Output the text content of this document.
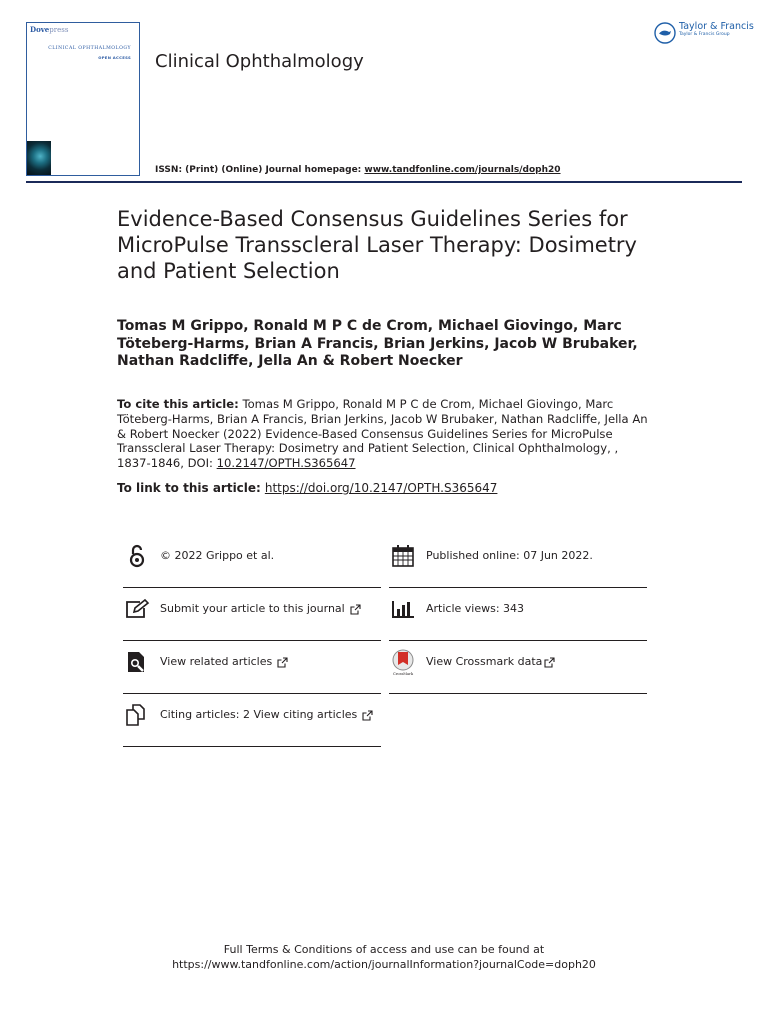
Dovepress
CLINICAL OPHTHALMOLOGY
OPEN ACCESS Clinical Ophthalmology
Taylor & Francis
Taylor & Francis Group
ISSN: (Print) (Online) Journal homepage: www.tandfonline.com/journals/doph20
Evidence-Based Consensus Guidelines Series for MicroPulse Transscleral Laser Therapy: Dosimetry and Patient Selection
Tomas M Grippo, Ronald M P C de Crom, Michael Giovingo, Marc Töteberg-Harms, Brian A Francis, Brian Jerkins, Jacob W Brubaker, Nathan Radcliffe, Jella An & Robert Noecker
To cite this article: Tomas M Grippo, Ronald M P C de Crom, Michael Giovingo, Marc Töteberg-Harms, Brian A Francis, Brian Jerkins, Jacob W Brubaker, Nathan Radcliffe, Jella An & Robert Noecker (2022) Evidence-Based Consensus Guidelines Series for MicroPulse Transscleral Laser Therapy: Dosimetry and Patient Selection, Clinical Ophthalmology, , 1837-1846, DOI: 10.2147/OPTH.S365647
To link to this article: https://doi.org/10.2147/OPTH.S365647
© 2022 Grippo et al.
Submit your article to this journal
View related articles
Citing articles: 2 View citing articles
Published online: 07 Jun 2022.
Article views: 343
CrossMark
View Crossmark data
Full Terms & Conditions of access and use can be found at
https://www.tandfonline.com/action/journalInformation?journalCode=doph20
